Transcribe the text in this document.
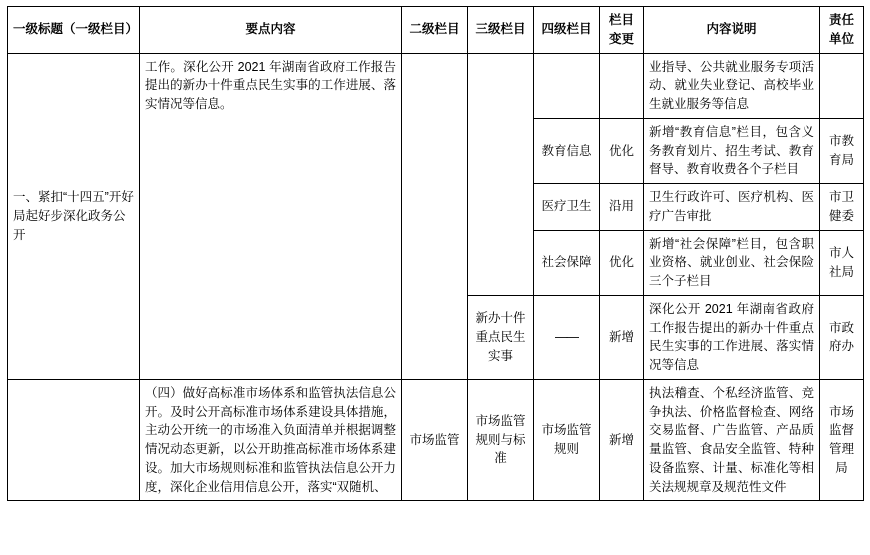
一级标题（一级栏目）	要点内容	二级栏目	三级栏目	四级栏目	栏目变更	内容说明	责任单位
一、紧扣“十四五”开好局起好步深化政务公开	工作。深化公开 2021 年湖南省政府工作报告提出的新办十件重点民生实事的工作进展、落实情况等信息。					业指导、公共就业服务专项活动、就业失业登记、高校毕业生就业服务等信息	
				教育信息	优化	新增“教育信息”栏目，包含义务教育划片、招生考试、教育督导、教育收费各个子栏目	市教育局
				医疗卫生	沿用	卫生行政许可、医疗机构、医疗广告审批	市卫健委
				社会保障	优化	新增“社会保障”栏目，包含职业资格、就业创业、社会保险三个子栏目	市人社局
			新办十件重点民生实事	——	新增	深化公开 2021 年湖南省政府工作报告提出的新办十件重点民生实事的工作进展、落实情况等信息	市政府办
	（四）做好高标准市场体系和监管执法信息公开。及时公开高标准市场体系建设具体措施，主动公开统一的市场准入负面清单并根据调整情况动态更新，以公开助推高标准市场体系建设。加大市场规则标准和监管执法信息公开力度，深化企业信用信息公开，落实“双随机、	市场监管	市场监管规则与标准	市场监管规则	新增	执法稽查、个私经济监管、竞争执法、价格监督检查、网络交易监督、广告监管、产品质量监管、食品安全监管、特种设备监察、计量、标准化等相关法规规章及规范性文件	市场监督管理局
